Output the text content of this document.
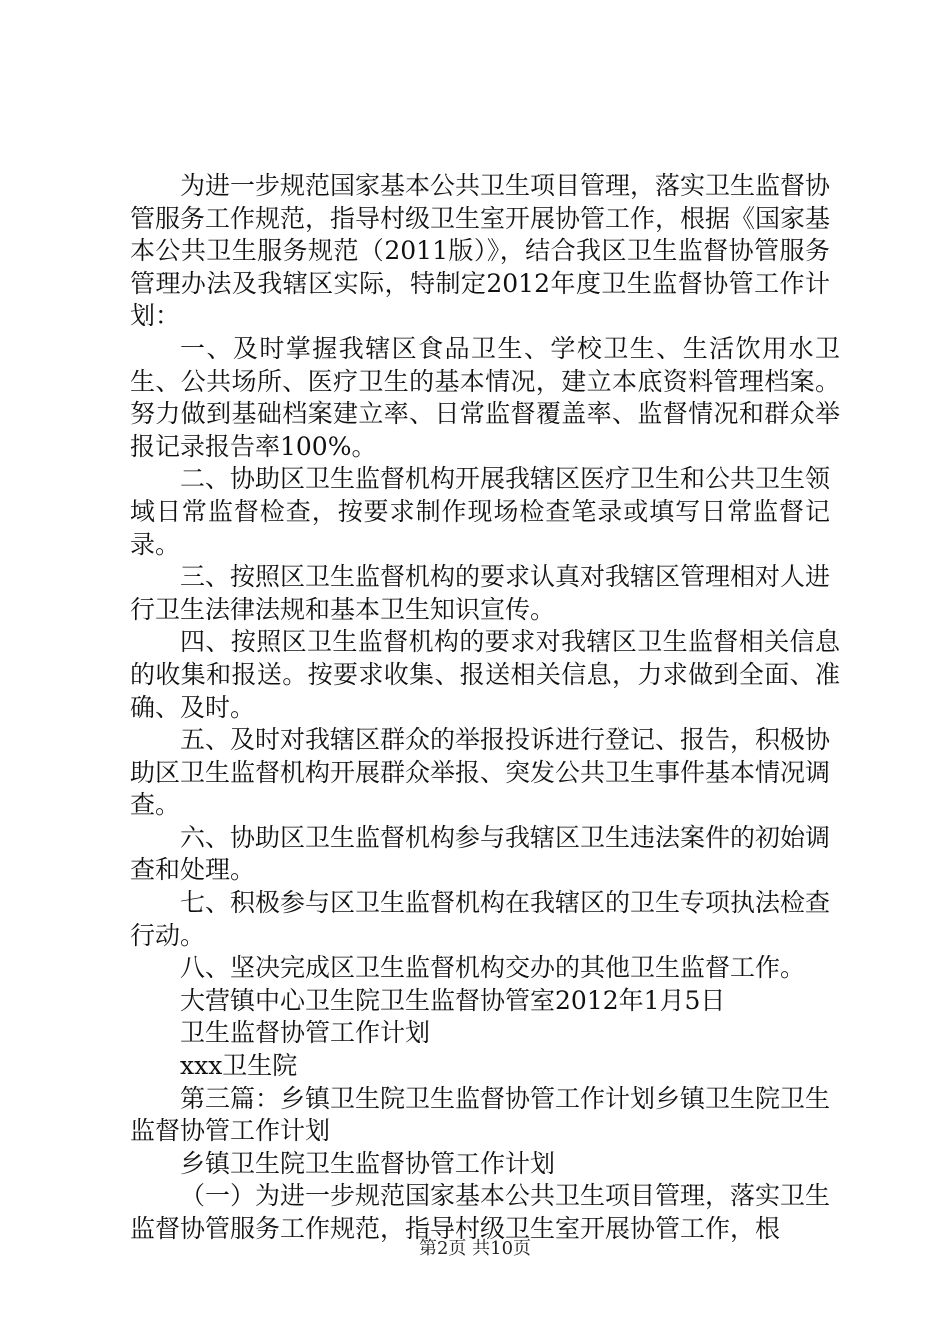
为进一步规范国家基本公共卫生项目管理，落实卫生监督协管服务工作规范，指导村级卫生室开展协管工作，根据《国家基本公共卫生服务规范（2011版）》，结合我区卫生监督协管服务管理办法及我辖区实际，特制定2012年度卫生监督协管工作计划：

一、及时掌握我辖区食品卫生、学校卫生、生活饮用水卫生、公共场所、医疗卫生的基本情况，建立本底资料管理档案。努力做到基础档案建立率、日常监督覆盖率、监督情况和群众举报记录报告率100%。

二、协助区卫生监督机构开展我辖区医疗卫生和公共卫生领域日常监督检查，按要求制作现场检查笔录或填写日常监督记录。

三、按照区卫生监督机构的要求认真对我辖区管理相对人进行卫生法律法规和基本卫生知识宣传。

四、按照区卫生监督机构的要求对我辖区卫生监督相关信息的收集和报送。按要求收集、报送相关信息，力求做到全面、准确、及时。

五、及时对我辖区群众的举报投诉进行登记、报告，积极协助区卫生监督机构开展群众举报、突发公共卫生事件基本情况调查。

六、协助区卫生监督机构参与我辖区卫生违法案件的初始调查和处理。

七、积极参与区卫生监督机构在我辖区的卫生专项执法检查行动。

八、坚决完成区卫生监督机构交办的其他卫生监督工作。

大营镇中心卫生院卫生监督协管室2012年1月5日

卫生监督协管工作计划

xxx卫生院

第三篇：乡镇卫生院卫生监督协管工作计划乡镇卫生院卫生监督协管工作计划

乡镇卫生院卫生监督协管工作计划

（一）为进一步规范国家基本公共卫生项目管理，落实卫生监督协管服务工作规范，指导村级卫生室开展协管工作，根

第2页 共10页
